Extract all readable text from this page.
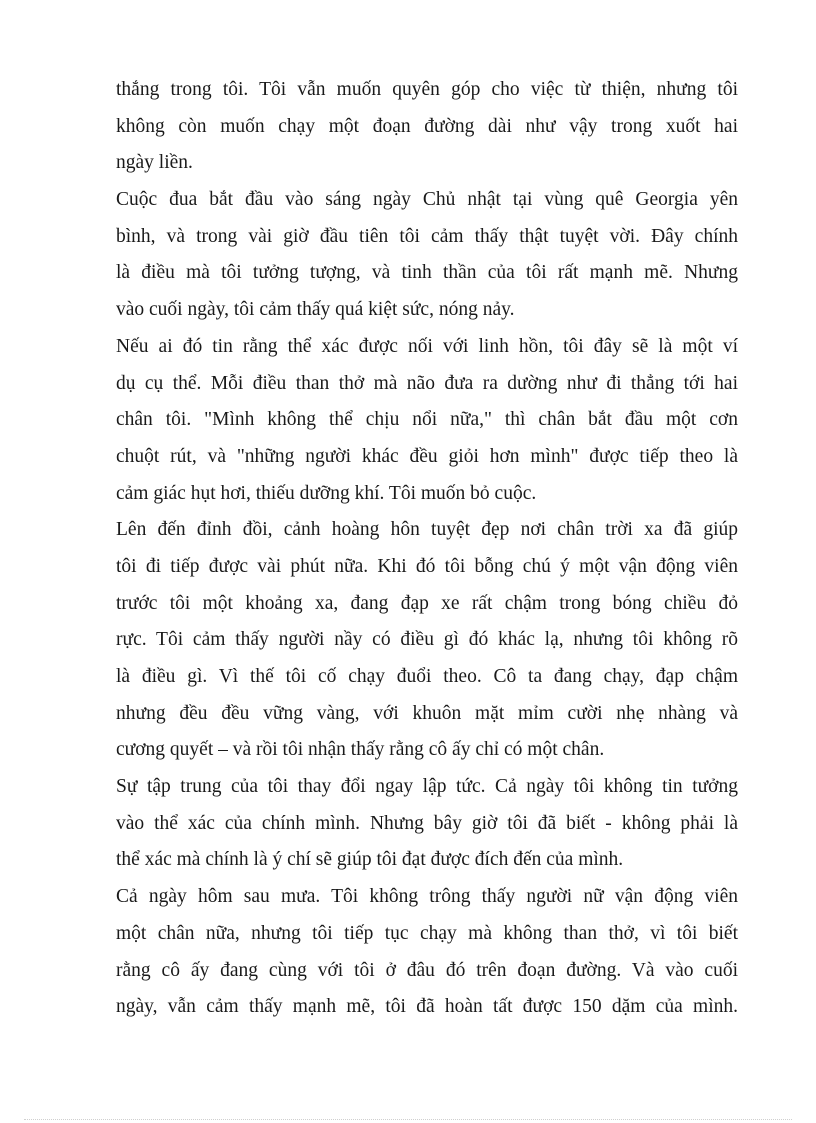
thắng trong tôi. Tôi vẫn muốn quyên góp cho việc từ thiện, nhưng tôi
không còn muốn chạy một đoạn đường dài như vậy trong xuốt hai
ngày liền.
Cuộc đua bắt đầu vào sáng ngày Chủ nhật tại vùng quê Georgia yên
bình, và trong vài giờ đầu tiên tôi cảm thấy thật tuyệt vời. Đây chính
là điều mà tôi tưởng tượng, và tinh thần của tôi rất mạnh mẽ. Nhưng
vào cuối ngày, tôi cảm thấy quá kiệt sức, nóng nảy.
Nếu ai đó tin rằng thể xác được nối với linh hồn, tôi đây sẽ là một ví
dụ cụ thể. Mỗi điều than thở mà não đưa ra dường như đi thẳng tới hai
chân tôi. "Mình không thể chịu nổi nữa," thì chân bắt đầu một cơn
chuột rút, và "những người khác đều giỏi hơn mình" được tiếp theo là
cảm giác hụt hơi, thiếu dưỡng khí. Tôi muốn bỏ cuộc.
Lên đến đỉnh đồi, cảnh hoàng hôn tuyệt đẹp nơi chân trời xa đã giúp
tôi đi tiếp được vài phút nữa. Khi đó tôi bỗng chú ý một vận động viên
trước tôi một khoảng xa, đang đạp xe rất chậm trong bóng chiều đỏ
rực. Tôi cảm thấy người nầy có điều gì đó khác lạ, nhưng tôi không rõ
là điều gì. Vì thế tôi cố chạy đuổi theo. Cô ta đang chạy, đạp chậm
nhưng đều đều vững vàng, với khuôn mặt mỉm cười nhẹ nhàng và
cương quyết – và rồi tôi nhận thấy rằng cô ấy chỉ có một chân.
Sự tập trung của tôi thay đổi ngay lập tức. Cả ngày tôi không tin tưởng
vào thể xác của chính mình. Nhưng bây giờ tôi đã biết - không phải là
thể xác mà chính là ý chí sẽ giúp tôi đạt được đích đến của mình.
Cả ngày hôm sau mưa. Tôi không trông thấy người nữ vận động viên
một chân nữa, nhưng tôi tiếp tục chạy mà không than thở, vì tôi biết
rằng cô ấy đang cùng với tôi ở đâu đó trên đoạn đường. Và vào cuối
ngày, vẫn cảm thấy mạnh mẽ, tôi đã hoàn tất được 150 dặm của mình.
